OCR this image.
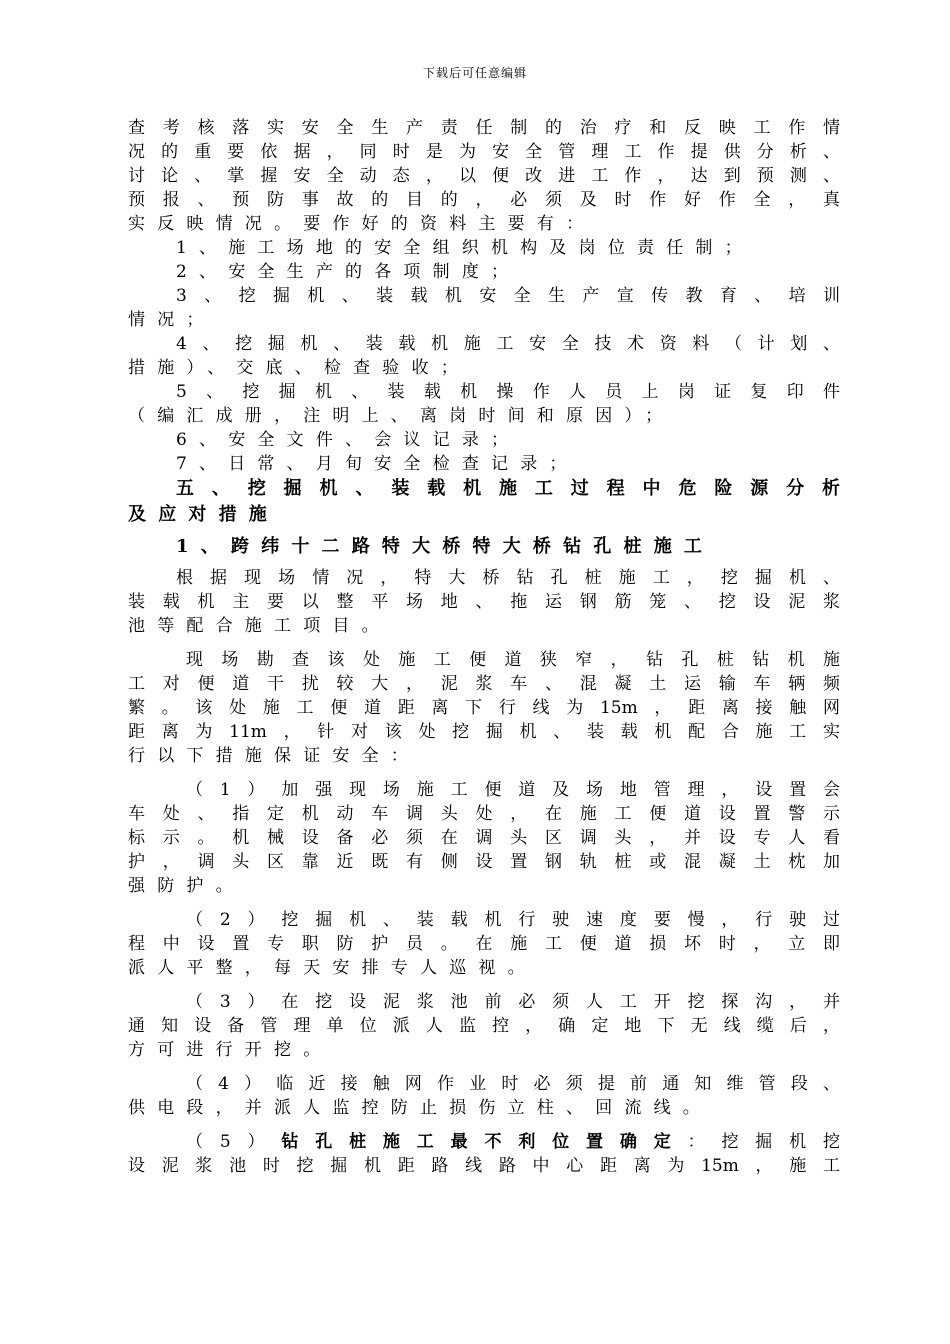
下载后可任意编辑
查考核落实安全生产责任制的治疗和反映工作情
况的重要依据，同时是为安全管理工作提供分析、
讨论、掌握安全动态，以便改进工作，达到预测、
预报、预防事故的目的，必须及时作好作全，真
实反映情况。要作好的资料主要有：
1、施工场地的安全组织机构及岗位责任制；
2、安全生产的各项制度；
3、挖掘机、装载机安全生产宣传教育、培训
情况；
4、挖掘机、装载机施工安全技术资料（计划、
措施）、交底、检查验收；
5、挖掘机、装载机操作人员上岗证复印件
（编汇成册，注明上、离岗时间和原因）；
6、安全文件、会议记录；
7、日常、月旬安全检查记录；
五、挖掘机、装载机施工过程中危险源分析
及应对措施
1、跨纬十二路特大桥特大桥钻孔桩施工
根据现场情况，特大桥钻孔桩施工，挖掘机、
装载机主要以整平场地、拖运钢筋笼、挖设泥浆
池等配合施工项目。
现场勘查该处施工便道狭窄，钻孔桩钻机施
工对便道干扰较大，泥浆车、混凝土运输车辆频
繁。该处施工便道距离下行线为15m，距离接触网
距离为11m，针对该处挖掘机、装载机配合施工实
行以下措施保证安全：
（1）加强现场施工便道及场地管理，设置会
车处、指定机动车调头处，在施工便道设置警示
标示。机械设备必须在调头区调头，并设专人看
护，调头区靠近既有侧设置钢轨桩或混凝土枕加
强防护。
（2）挖掘机、装载机行驶速度要慢，行驶过
程中设置专职防护员。在施工便道损坏时，立即
派人平整，每天安排专人巡视。
（3）在挖设泥浆池前必须人工开挖探沟，并
通知设备管理单位派人监控，确定地下无线缆后，
方可进行开挖。
（4）临近接触网作业时必须提前通知维管段、
供电段，并派人监控防止损伤立柱、回流线。
（5）钻孔桩施工最不利位置确定：挖掘机挖
设泥浆池时挖掘机距路线路中心距离为15m，施工
